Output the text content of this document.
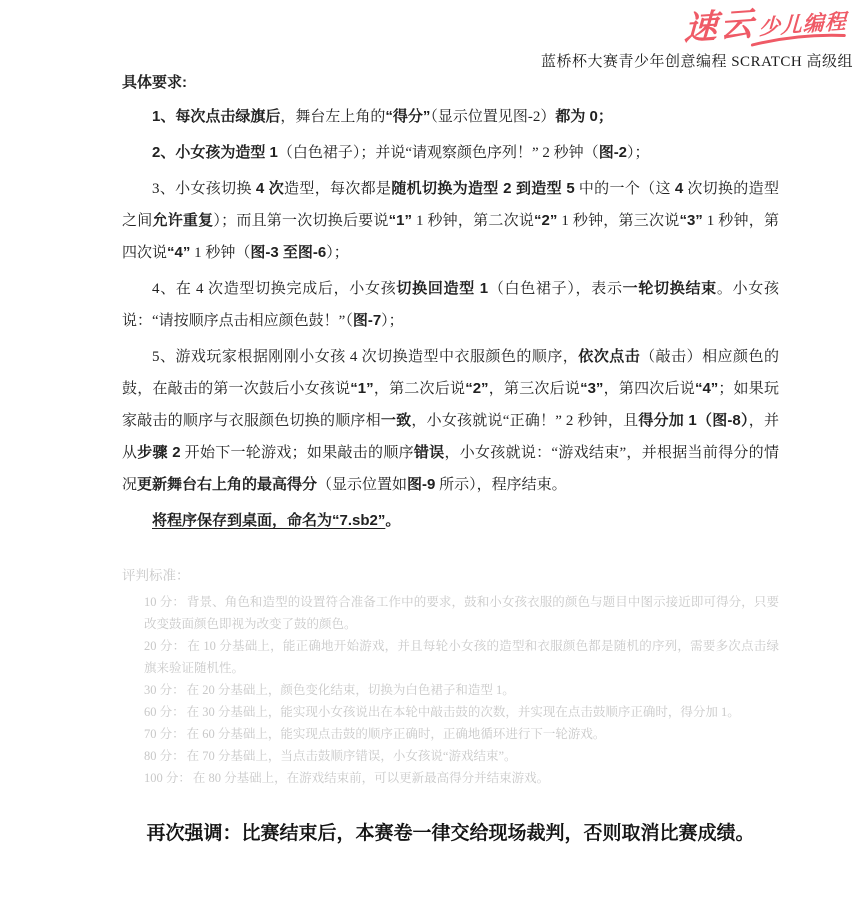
速云少儿编程
蓝桥杯大赛青少年创意编程 SCRATCH 高级组

具体要求:

1、每次点击绿旗后，舞台左上角的“得分”（显示位置见图-2）都为 0；

2、小女孩为造型 1（白色裙子）；并说“请观察颜色序列！” 2 秒钟（图-2）；

3、小女孩切换 4 次造型，每次都是随机切换为造型 2 到造型 5 中的一个（这 4 次切换的造型之间允许重复）；而且第一次切换后要说“1” 1 秒钟，第二次说“2” 1 秒钟，第三次说“3” 1 秒钟，第四次说“4” 1 秒钟（图-3 至图-6）；

4、在 4 次造型切换完成后，小女孩切换回造型 1（白色裙子），表示一轮切换结束。小女孩说：“请按顺序点击相应颜色鼓！”（图-7）；

5、游戏玩家根据刚刚小女孩 4 次切换造型中衣服颜色的顺序，依次点击（敲击）相应颜色的鼓，在敲击的第一次鼓后小女孩说“1”，第二次后说“2”，第三次后说“3”，第四次后说“4”；如果玩家敲击的顺序与衣服颜色切换的顺序相一致，小女孩就说“正确！” 2 秒钟，且得分加 1（图-8），并从步骤 2 开始下一轮游戏；如果敲击的顺序错误，小女孩就说：“游戏结束”，并根据当前得分的情况更新舞台右上角的最高得分（显示位置如图-9 所示），程序结束。

将程序保存到桌面，命名为“7.sb2”。

评判标准：

10 分： 背景、角色和造型的设置符合准备工作中的要求，鼓和小女孩衣服的颜色与题目中图示接近即可得分，只要改变鼓面颜色即视为改变了鼓的颜色。
20 分： 在 10 分基础上，能正确地开始游戏，并且每轮小女孩的造型和衣服颜色都是随机的序列，需要多次点击绿旗来验证随机性。
30 分： 在 20 分基础上，颜色变化结束，切换为白色裙子和造型 1。
60 分： 在 30 分基础上，能实现小女孩说出在本轮中敲击鼓的次数，并实现在点击鼓顺序正确时，得分加 1。
70 分： 在 60 分基础上，能实现点击鼓的顺序正确时，正确地循环进行下一轮游戏。
80 分： 在 70 分基础上，当点击鼓顺序错误，小女孩说“游戏结束”。
100 分： 在 80 分基础上，在游戏结束前，可以更新最高得分并结束游戏。

再次强调：比赛结束后，本赛卷一律交给现场裁判，否则取消比赛成绩。
